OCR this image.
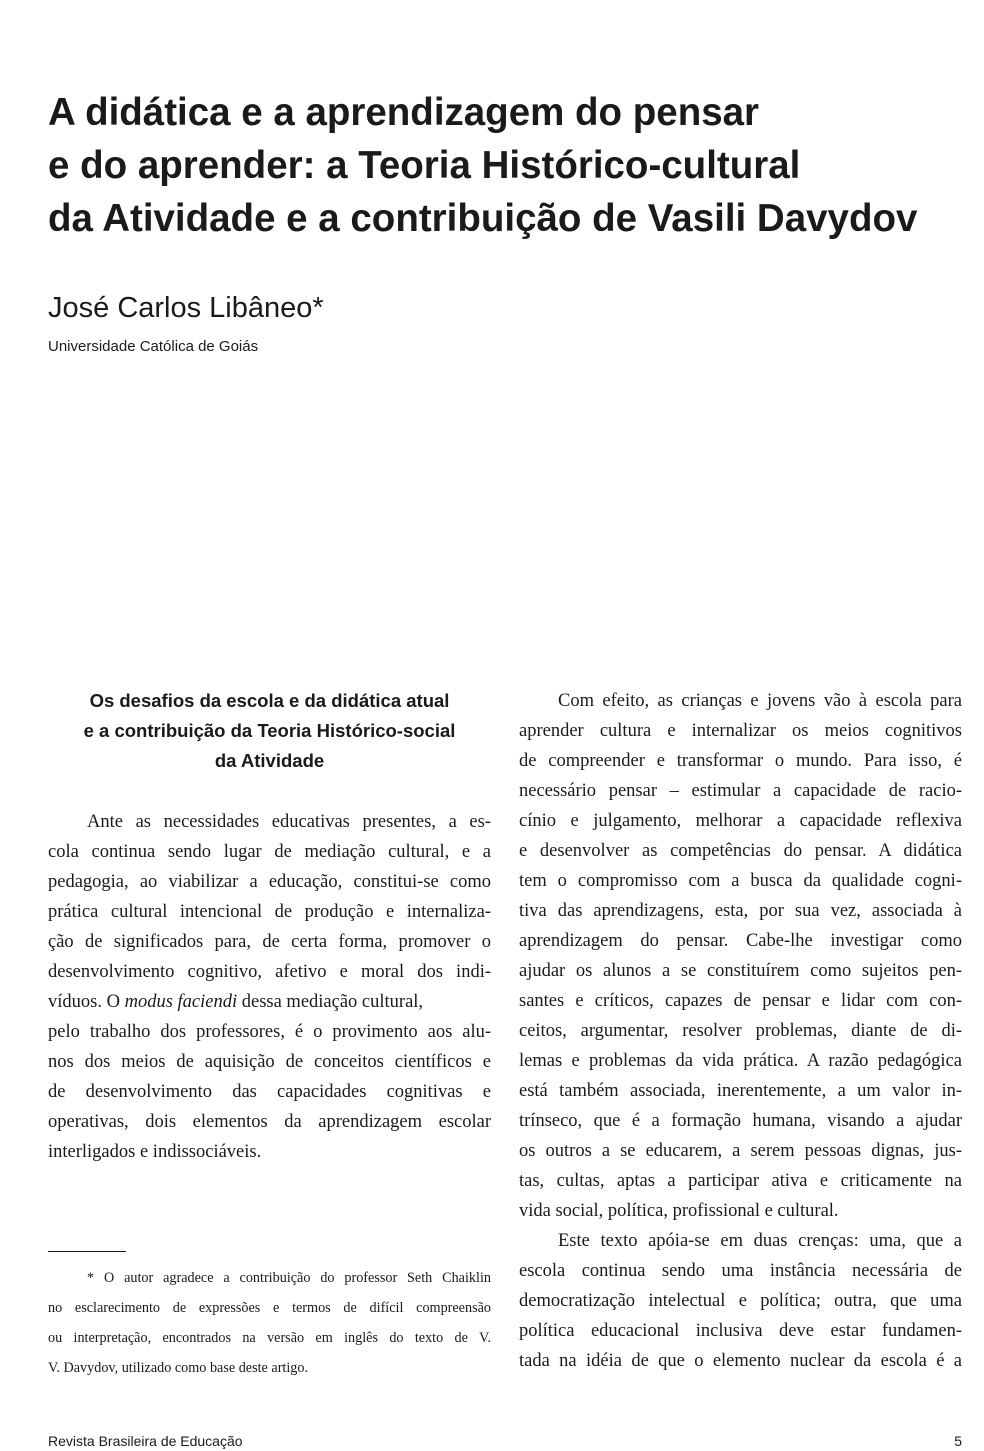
A didática e a aprendizagem do pensar
e do aprender: a Teoria Histórico-cultural
da Atividade e a contribuição de Vasili Davydov
José Carlos Libâneo*
Universidade Católica de Goiás
Os desafios da escola e da didática atual
e a contribuição da Teoria Histórico-social
da Atividade

Ante as necessidades educativas presentes, a es-
cola continua sendo lugar de mediação cultural, e a
pedagogia, ao viabilizar a educação, constitui-se como
prática cultural intencional de produção e internaliza-
ção de significados para, de certa forma, promover o
desenvolvimento cognitivo, afetivo e moral dos indi-
víduos. O modus faciendi dessa mediação cultural,
pelo trabalho dos professores, é o provimento aos alu-
nos dos meios de aquisição de conceitos científicos e
de desenvolvimento das capacidades cognitivas e
operativas, dois elementos da aprendizagem escolar
interligados e indissociáveis.

Com efeito, as crianças e jovens vão à escola para
aprender cultura e internalizar os meios cognitivos
de compreender e transformar o mundo. Para isso, é
necessário pensar – estimular a capacidade de racio-
cínio e julgamento, melhorar a capacidade reflexiva
e desenvolver as competências do pensar. A didática
tem o compromisso com a busca da qualidade cogni-
tiva das aprendizagens, esta, por sua vez, associada à
aprendizagem do pensar. Cabe-lhe investigar como
ajudar os alunos a se constituírem como sujeitos pen-
santes e críticos, capazes de pensar e lidar com con-
ceitos, argumentar, resolver problemas, diante de di-
lemas e problemas da vida prática. A razão pedagógica
está também associada, inerentemente, a um valor in-
trínseco, que é a formação humana, visando a ajudar
os outros a se educarem, a serem pessoas dignas, jus-
tas, cultas, aptas a participar ativa e criticamente na
vida social, política, profissional e cultural.

Este texto apóia-se em duas crenças: uma, que a
escola continua sendo uma instância necessária de
democratização intelectual e política; outra, que uma
política educacional inclusiva deve estar fundamen-
tada na idéia de que o elemento nuclear da escola é a

* O autor agradece a contribuição do professor Seth Chaiklin
no esclarecimento de expressões e termos de difícil compreensão
ou interpretação, encontrados na versão em inglês do texto de V.
V. Davydov, utilizado como base deste artigo.
Revista Brasileira de Educação	5
